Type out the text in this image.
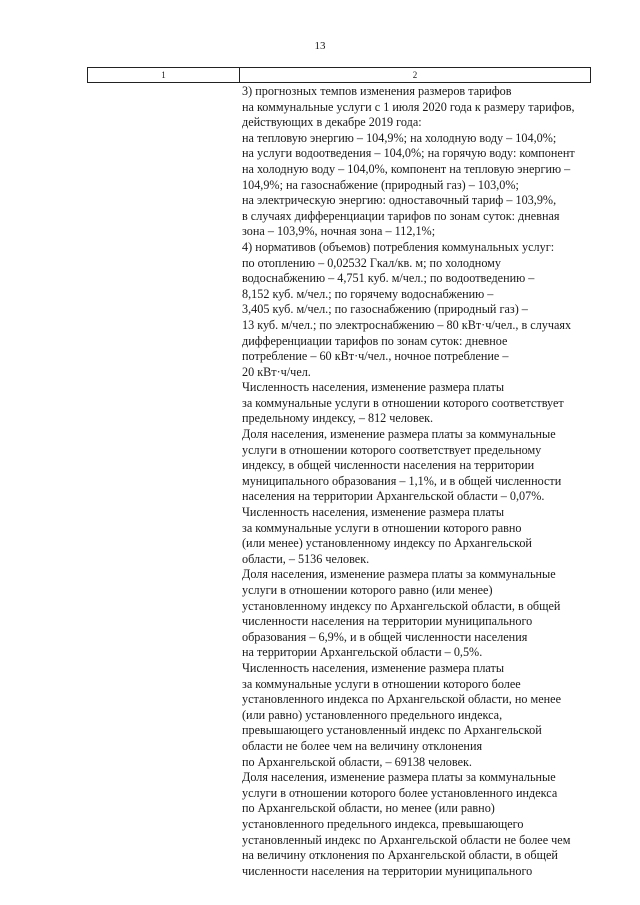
13
1	2
3) прогнозных темпов изменения размеров тарифов
на коммунальные услуги с 1 июля 2020 года к размеру тарифов,
действующих в декабре 2019 года:
на тепловую энергию – 104,9%; на холодную воду – 104,0%;
на услуги водоотведения – 104,0%; на горячую воду: компонент
на холодную воду – 104,0%, компонент на тепловую энергию –
104,9%; на газоснабжение (природный газ) – 103,0%;
на электрическую энергию: одноставочный тариф – 103,9%,
в случаях дифференциации тарифов по зонам суток: дневная
зона – 103,9%, ночная зона – 112,1%;
4) нормативов (объемов) потребления коммунальных услуг:
по отоплению – 0,02532 Гкал/кв. м; по холодному
водоснабжению – 4,751 куб. м/чел.; по водоотведению –
8,152 куб. м/чел.; по горячему водоснабжению –
3,405 куб. м/чел.; по газоснабжению (природный газ) –
13 куб. м/чел.; по электроснабжению – 80 кВт·ч/чел., в случаях
дифференциации тарифов по зонам суток: дневное
потребление – 60 кВт·ч/чел., ночное потребление –
20 кВт·ч/чел.
Численность населения, изменение размера платы
за коммунальные услуги в отношении которого соответствует
предельному индексу, – 812 человек.
Доля населения, изменение размера платы за коммунальные
услуги в отношении которого соответствует предельному
индексу, в общей численности населения на территории
муниципального образования – 1,1%, и в общей численности
населения на территории Архангельской области – 0,07%.
Численность населения, изменение размера платы
за коммунальные услуги в отношении которого равно
(или менее) установленному индексу по Архангельской
области, – 5136 человек.
Доля населения, изменение размера платы за коммунальные
услуги в отношении которого равно (или менее)
установленному индексу по Архангельской области, в общей
численности населения на территории муниципального
образования – 6,9%, и в общей численности населения
на территории Архангельской области – 0,5%.
Численность населения, изменение размера платы
за коммунальные услуги в отношении которого более
установленного индекса по Архангельской области, но менее
(или равно) установленного предельного индекса,
превышающего установленный индекс по Архангельской
области не более чем на величину отклонения
по Архангельской области, – 69138 человек.
Доля населения, изменение размера платы за коммунальные
услуги в отношении которого более установленного индекса
по Архангельской области, но менее (или равно)
установленного предельного индекса, превышающего
установленный индекс по Архангельской области не более чем
на величину отклонения по Архангельской области, в общей
численности населения на территории муниципального
